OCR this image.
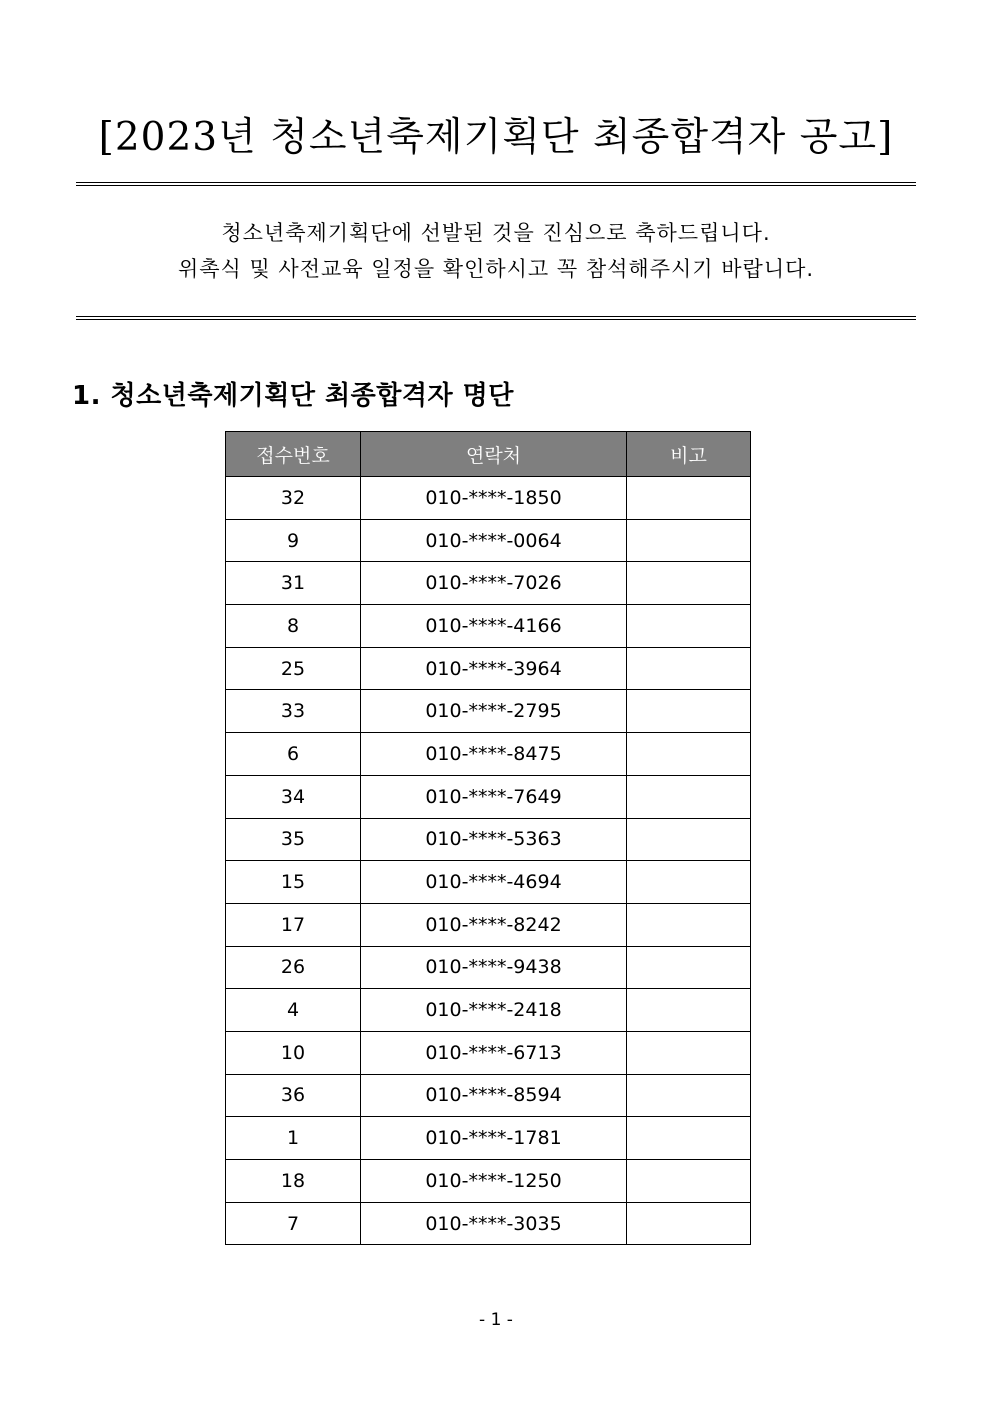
[2023년 청소년축제기획단 최종합격자 공고]
청소년축제기획단에 선발된 것을 진심으로 축하드립니다.
위촉식 및 사전교육 일정을 확인하시고 꼭 참석해주시기 바랍니다.
1. 청소년축제기획단 최종합격자 명단
접수번호	연락처	비고
32	010-****-1850	
9	010-****-0064	
31	010-****-7026	
8	010-****-4166	
25	010-****-3964	
33	010-****-2795	
6	010-****-8475	
34	010-****-7649	
35	010-****-5363	
15	010-****-4694	
17	010-****-8242	
26	010-****-9438	
4	010-****-2418	
10	010-****-6713	
36	010-****-8594	
1	010-****-1781	
18	010-****-1250	
7	010-****-3035	
- 1 -
